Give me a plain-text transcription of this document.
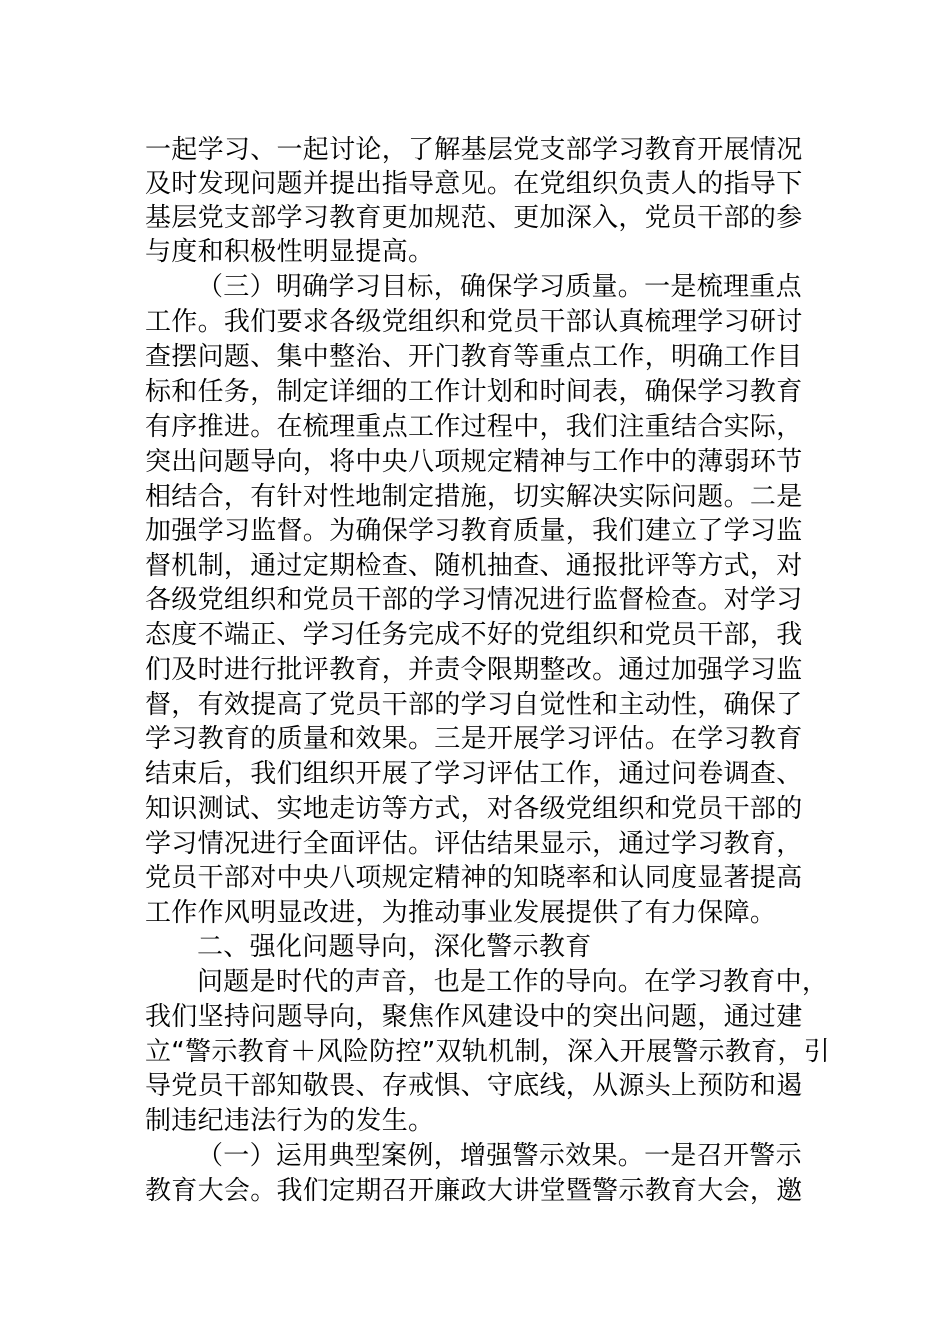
一起学习、一起讨论，了解基层党支部学习教育开展情况
及时发现问题并提出指导意见。在党组织负责人的指导下
基层党支部学习教育更加规范、更加深入，党员干部的参
与度和积极性明显提高。
（三）明确学习目标，确保学习质量。一是梳理重点
工作。我们要求各级党组织和党员干部认真梳理学习研讨
查摆问题、集中整治、开门教育等重点工作，明确工作目
标和任务，制定详细的工作计划和时间表，确保学习教育
有序推进。在梳理重点工作过程中，我们注重结合实际，
突出问题导向，将中央八项规定精神与工作中的薄弱环节
相结合，有针对性地制定措施，切实解决实际问题。二是
加强学习监督。为确保学习教育质量，我们建立了学习监
督机制，通过定期检查、随机抽查、通报批评等方式，对
各级党组织和党员干部的学习情况进行监督检查。对学习
态度不端正、学习任务完成不好的党组织和党员干部，我
们及时进行批评教育，并责令限期整改。通过加强学习监
督，有效提高了党员干部的学习自觉性和主动性，确保了
学习教育的质量和效果。三是开展学习评估。在学习教育
结束后，我们组织开展了学习评估工作，通过问卷调查、
知识测试、实地走访等方式，对各级党组织和党员干部的
学习情况进行全面评估。评估结果显示，通过学习教育，
党员干部对中央八项规定精神的知晓率和认同度显著提高
工作作风明显改进，为推动事业发展提供了有力保障。
二、强化问题导向，深化警示教育
问题是时代的声音，也是工作的导向。在学习教育中，
我们坚持问题导向，聚焦作风建设中的突出问题，通过建
立“警示教育＋风险防控”双轨机制，深入开展警示教育，引
导党员干部知敬畏、存戒惧、守底线，从源头上预防和遏
制违纪违法行为的发生。
（一）运用典型案例，增强警示效果。一是召开警示
教育大会。我们定期召开廉政大讲堂暨警示教育大会，邀
